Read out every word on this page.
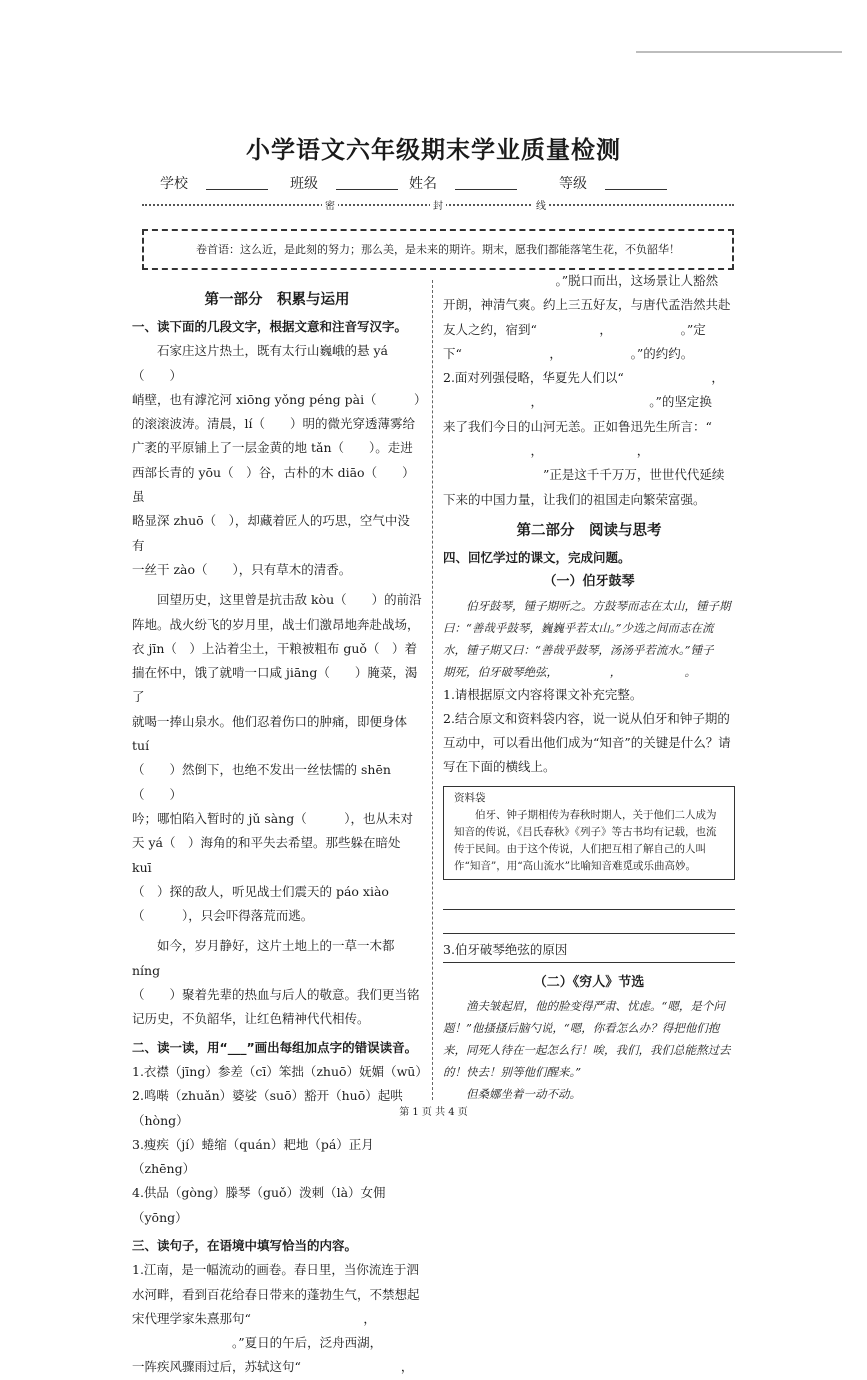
小学语文六年级期末学业质量检测
学校	班级	姓名	等级
密	封	线
卷首语：这么近，是此刻的努力；那么美，是未来的期许。期末，愿我们都能落笔生花，不负韶华！
第一部分　积累与运用
一、读下面的几段文字，根据文意和注音写汉字。

石家庄这片热土，既有太行山巍峨的悬 yá（　　）

峭壁，也有滹沱河 xiōng yǒng péng pài（　　　）

的滚滚波涛。清晨，lí（　　）明的微光穿透薄雾给

广袤的平原铺上了一层金黄的地 tǎn（　　）。走进

西部长青的 yōu（　）谷，古朴的木 diāo（　　）虽

略显深 zhuō（　），却藏着匠人的巧思，空气中没有

一丝干 zào（　　），只有草木的清香。

回望历史，这里曾是抗击敌 kòu（　　）的前沿

阵地。战火纷飞的岁月里，战士们激昂地奔赴战场，

衣 jīn（　）上沾着尘土，干粮被粗布 guǒ（　）着

揣在怀中，饿了就啃一口咸 jiāng（　　）腌菜，渴了

就喝一捧山泉水。他们忍着伤口的肿痛，即便身体 tuí

（　　）然倒下，也绝不发出一丝怯懦的 shēn（　　）

吟；哪怕陷入暂时的 jǔ sàng（　　　），也从未对

天 yá（　）海角的和平失去希望。那些躲在暗处 kuī

（　）探的敌人，听见战士们震天的 páo xiào

（　　　），只会吓得落荒而逃。

如今，岁月静好，这片土地上的一草一木都 níng

（　　）聚着先辈的热血与后人的敬意。我们更当铭

记历史，不负韶华，让红色精神代代相传。

二、读一读，用“___”画出每组加点字的错误读音。

1.衣襟（jīng）参差（cī）笨拙（zhuō）妩媚（wū）

2.鸣啭（zhuǎn）婆娑（suō）豁开（huō）起哄（hòng）

3.瘦疾（jí）蜷缩（quán）耙地（pá）正月（zhēng）

4.供品（gòng）滕琴（guǒ）泼刺（là）女佣（yōng）

三、读句子，在语境中填写恰当的内容。

1.江南，是一幅流动的画卷。春日里，当你流连于泗

水河畔，看到百花给春日带来的蓬勃生气，不禁想起

宋代理学家朱熹那句“　　　　　　　　　，

　　　　　　　　。”夏日的午后，泛舟西湖，

一阵疾风骤雨过后，苏轼这句“　　　　　　　　，

　　　　　　　　　。”脱口而出，这场景让人豁然

开朗，神清气爽。约上三五好友，与唐代孟浩然共赴

友人之约，宿到“　　　　　，　　　　　　。”定

下“　　　　　　　，　　　　　　。”的约约。

2.面对列强侵略，华夏先人们以“　　　　　　　，

　　　　　　　，　　　　　　　　　。”的坚定换

来了我们今日的山河无恙。正如鲁迅先生所言：“

　　　　　　　，　　　　　　　　，

　　　　　　　　”正是这千千万万，世世代代延续

下来的中国力量，让我们的祖国走向繁荣富强。

第二部分　阅读与思考
四、回忆学过的课文，完成问题。
（一）伯牙鼓琴

伯牙鼓琴，锺子期听之。方鼓琴而志在太山，锺子期

曰：“善哉乎鼓琴，巍巍乎若太山。”少选之间而志在流

水，锺子期又曰：“善哉乎鼓琴，汤汤乎若流水。”锺子

期死，伯牙破琴绝弦，　　　　　，　　　　　　。

1.请根据原文内容将课文补充完整。

2.结合原文和资料袋内容，说一说从伯牙和钟子期的互动中，可以看出他们成为“知音”的关键是什么？请写在下面的横线上。

资料袋
伯牙、钟子期相传为春秋时期人，关于他们二人成为知音的传说，《吕氏春秋》《列子》等古书均有记载，也流传于民间。由于这个传说，人们把互相了解自己的人叫作“知音”，用“高山流水”比喻知音难觅或乐曲高妙。

3.伯牙破琴绝弦的原因

（二）《穷人》节选

渔夫皱起眉，他的脸变得严肃、忧虑。“嗯，是个问

题！”他搔搔后脑勺说，“嗯，你看怎么办？得把他们抱

来，同死人待在一起怎么行！唉，我们，我们总能熬过去

的！快去！别等他们醒来。”

但桑娜坐着一动不动。

第 1 页 共 4 页
